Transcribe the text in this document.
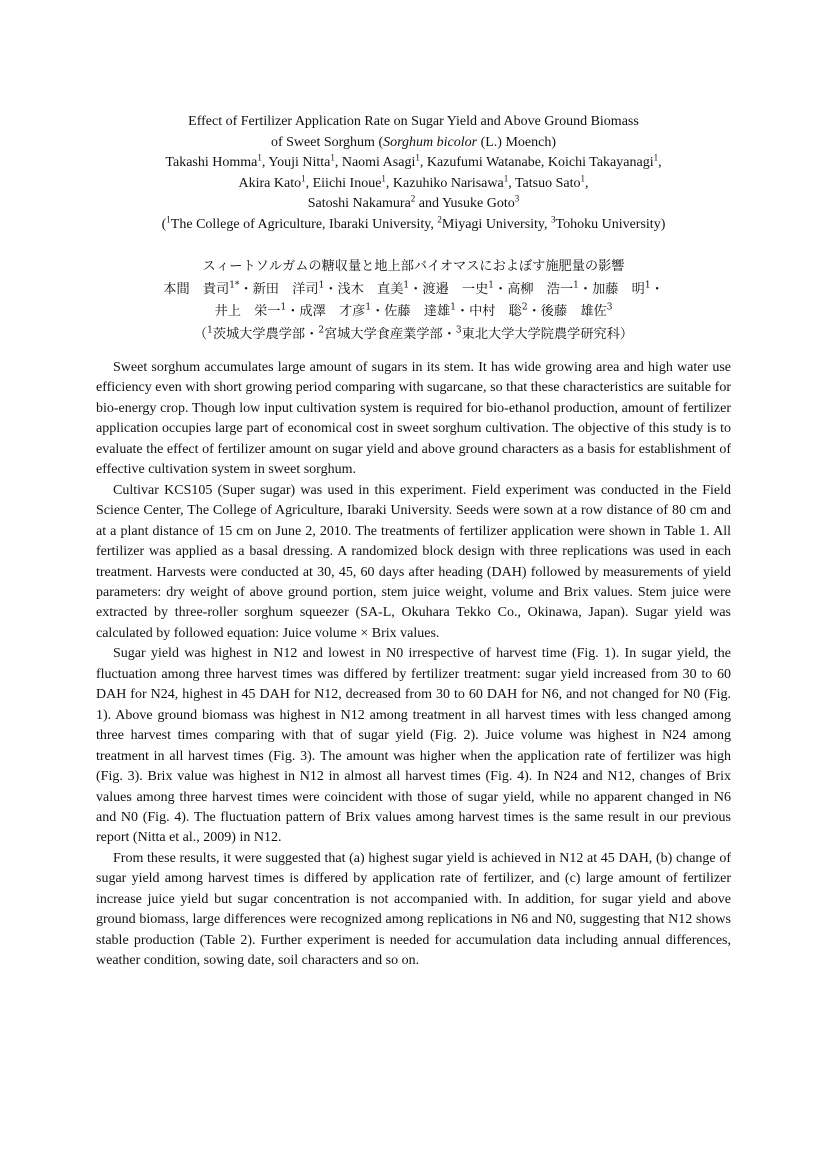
Effect of Fertilizer Application Rate on Sugar Yield and Above Ground Biomass
of Sweet Sorghum (Sorghum bicolor (L.) Moench)
Takashi Homma$^1$, Youji Nitta$^1$, Naomi Asagi$^1$, Kazufumi Watanabe, Koichi Takayanagi$^1$,
Akira Kato$^1$, Eiichi Inoue$^1$, Kazuhiko Narisawa$^1$, Tatsuo Sato$^1$,
Satoshi Nakamura$^2$ and Yusuke Goto$^3$
($^1$The College of Agriculture, Ibaraki University, $^2$Miyagi University, $^3$Tohoku University)
スィートソルガムの糖収量と地上部バイオマスにおよぼす施肥量の影響
本間　貴司$^{1*}$・新田　洋司$^1$・浅木　直美$^1$・渡邉　一史$^1$・高柳　浩一$^1$・加藤　明$^1$・
井上　栄一$^1$・成澤　才彦$^1$・佐藤　達雄$^1$・中村　聡$^2$・後藤　雄佐$^3$
（$^1$茨城大学農学部・$^2$宮城大学食産業学部・$^3$東北大学大学院農学研究科）

Sweet sorghum accumulates large amount of sugars in its stem. It has wide growing area and high water use efficiency even with short growing period comparing with sugarcane, so that these characteristics are suitable for bio-energy crop. Though low input cultivation system is required for bio-ethanol production, amount of fertilizer application occupies large part of economical cost in sweet sorghum cultivation. The objective of this study is to evaluate the effect of fertilizer amount on sugar yield and above ground characters as a basis for establishment of effective cultivation system in sweet sorghum.

Cultivar KCS105 (Super sugar) was used in this experiment. Field experiment was conducted in the Field Science Center, The College of Agriculture, Ibaraki University. Seeds were sown at a row distance of 80 cm and at a plant distance of 15 cm on June 2, 2010. The treatments of fertilizer application were shown in Table 1. All fertilizer was applied as a basal dressing. A randomized block design with three replications was used in each treatment. Harvests were conducted at 30, 45, 60 days after heading (DAH) followed by measurements of yield parameters: dry weight of above ground portion, stem juice weight, volume and Brix values. Stem juice were extracted by three-roller sorghum squeezer (SA-L, Okuhara Tekko Co., Okinawa, Japan). Sugar yield was calculated by followed equation: Juice volume × Brix values.

Sugar yield was highest in N12 and lowest in N0 irrespective of harvest time (Fig. 1). In sugar yield, the fluctuation among three harvest times was differed by fertilizer treatment: sugar yield increased from 30 to 60 DAH for N24, highest in 45 DAH for N12, decreased from 30 to 60 DAH for N6, and not changed for N0 (Fig. 1). Above ground biomass was highest in N12 among treatment in all harvest times with less changed among three harvest times comparing with that of sugar yield (Fig. 2). Juice volume was highest in N24 among treatment in all harvest times (Fig. 3). The amount was higher when the application rate of fertilizer was high (Fig. 3). Brix value was highest in N12 in almost all harvest times (Fig. 4). In N24 and N12, changes of Brix values among three harvest times were coincident with those of sugar yield, while no apparent changed in N6 and N0 (Fig. 4). The fluctuation pattern of Brix values among harvest times is the same result in our previous report (Nitta et al., 2009) in N12.

From these results, it were suggested that (a) highest sugar yield is achieved in N12 at 45 DAH, (b) change of sugar yield among harvest times is differed by application rate of fertilizer, and (c) large amount of fertilizer increase juice yield but sugar concentration is not accompanied with. In addition, for sugar yield and above ground biomass, large differences were recognized among replications in N6 and N0, suggesting that N12 shows stable production (Table 2). Further experiment is needed for accumulation data including annual differences, weather condition, sowing date, soil characters and so on.
